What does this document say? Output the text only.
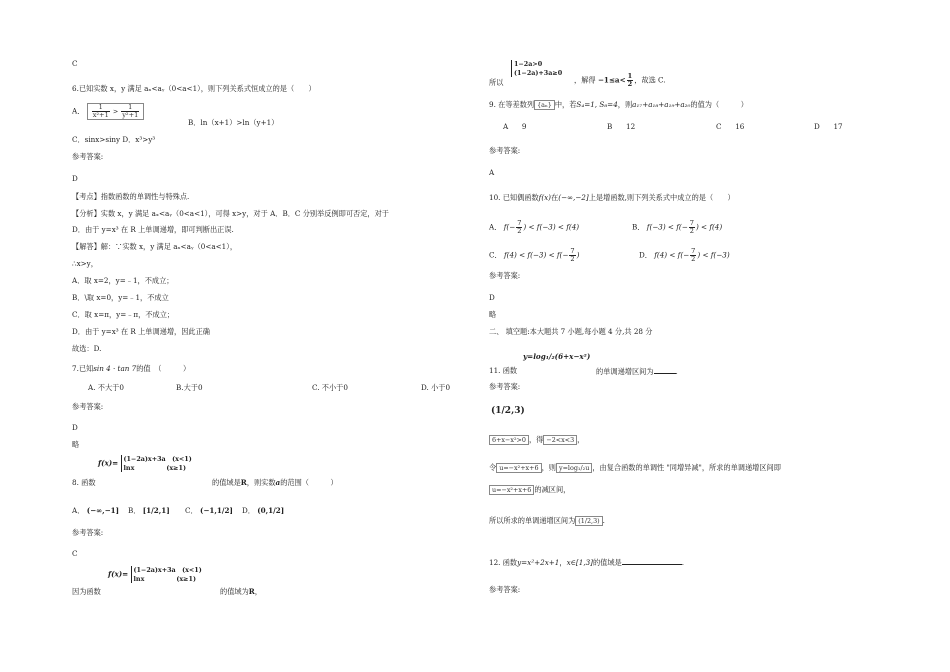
C
6.已知实数 x，y 满足 aₓ<aᵧ（0<a<1），则下列关系式恒成立的是（　　）
A． $\frac{1}{\text{x²+1}} > \frac{1}{\text{y²+1}}$
B．ln（x+1）>ln（y+1）
C．sinx>siny D．x³>y³
参考答案:
D
【考点】指数函数的单调性与特殊点.
【分析】实数 x，y 满足 aₓ<aᵧ（0<a<1），可得 x>y，对于 A．B．C 分别举反例即可否定，对于
D．由于 y=x³ 在 R 上单调递增，即可判断出正误.
【解答】解：∵实数 x，y 满足 aₓ<aᵧ（0<a<1），
∴x>y，
A．取 x=2，y=﹣1，不成立；
B．\取 x=0，y=﹣1，不成立
C．取 x=π，y=﹣π，不成立；
D．由于 y=x³ 在 R 上单调递增，因此正确
故选：D.
7.已知sin 4 · tan 7的值　（　　　）
A. 不大于0	B.大于0	C. 不小于0	D. 小于0
参考答案:
D
略
f(x)= (1−2a)x+3a　(x<1)
lnx　　　　　(x≥1)
8. 函数	的值域是R，则实数a的范围（　　　）
A． (−∞,−1] B． [1/2,1] C． (−1,1/2] D． (0,1/2]
参考答案:
C
f(x)= (1−2a)x+3a　(x<1)
lnx　　　　　(x≥1)
因为函数	的值域为R，
1−2a>0
(1−2a)+3a≥0
所以	，解得 $-1\le a< \frac{1}{2}$ ，故选 C.
9. 在等差数列 {aₙ} 中，若S₄=1, S₈=4，则a₁₇+a₁₈+a₁₉+a₂₀的值为（　　　）
A 9	B 12	C 16	D 17
参考答案:
A
10. 已知偶函数f(x)在(−∞,−2]上是增函数,则下列关系式中成立的是（　　）
A． $f(- \frac{7}{2}$ ) < f(−3) < f(4)	B． $f(-3) < f(- \frac{7}{2}$ ) < f(4)
C． $f(4) < f(-3) < f(- \frac{7}{2}$ )	D． $f(4) < f(- \frac{7}{2}$ ) < f(−3)
参考答案:
D
略
二、 填空题:本大题共 7 小题,每小题 4 分,共 28 分
y=log₁/₂(6+x−x²)
11. 函数	的单调递增区间为	.
参考答案:
(1/2,3)
6+x−x²>0 ，得 −2<x<3 ，
令 u=−x²+x+6 ，则 y=log₁/₂u ，由复合函数的单调性 "同增异减"，所求的单调递增区间即
u=−x²+x+6 的减区间，
所以所求的单调递增区间为 (1/2,3) .
12. 函数y=x²+2x+1，x∈[1,3]的值域是	.
参考答案:
